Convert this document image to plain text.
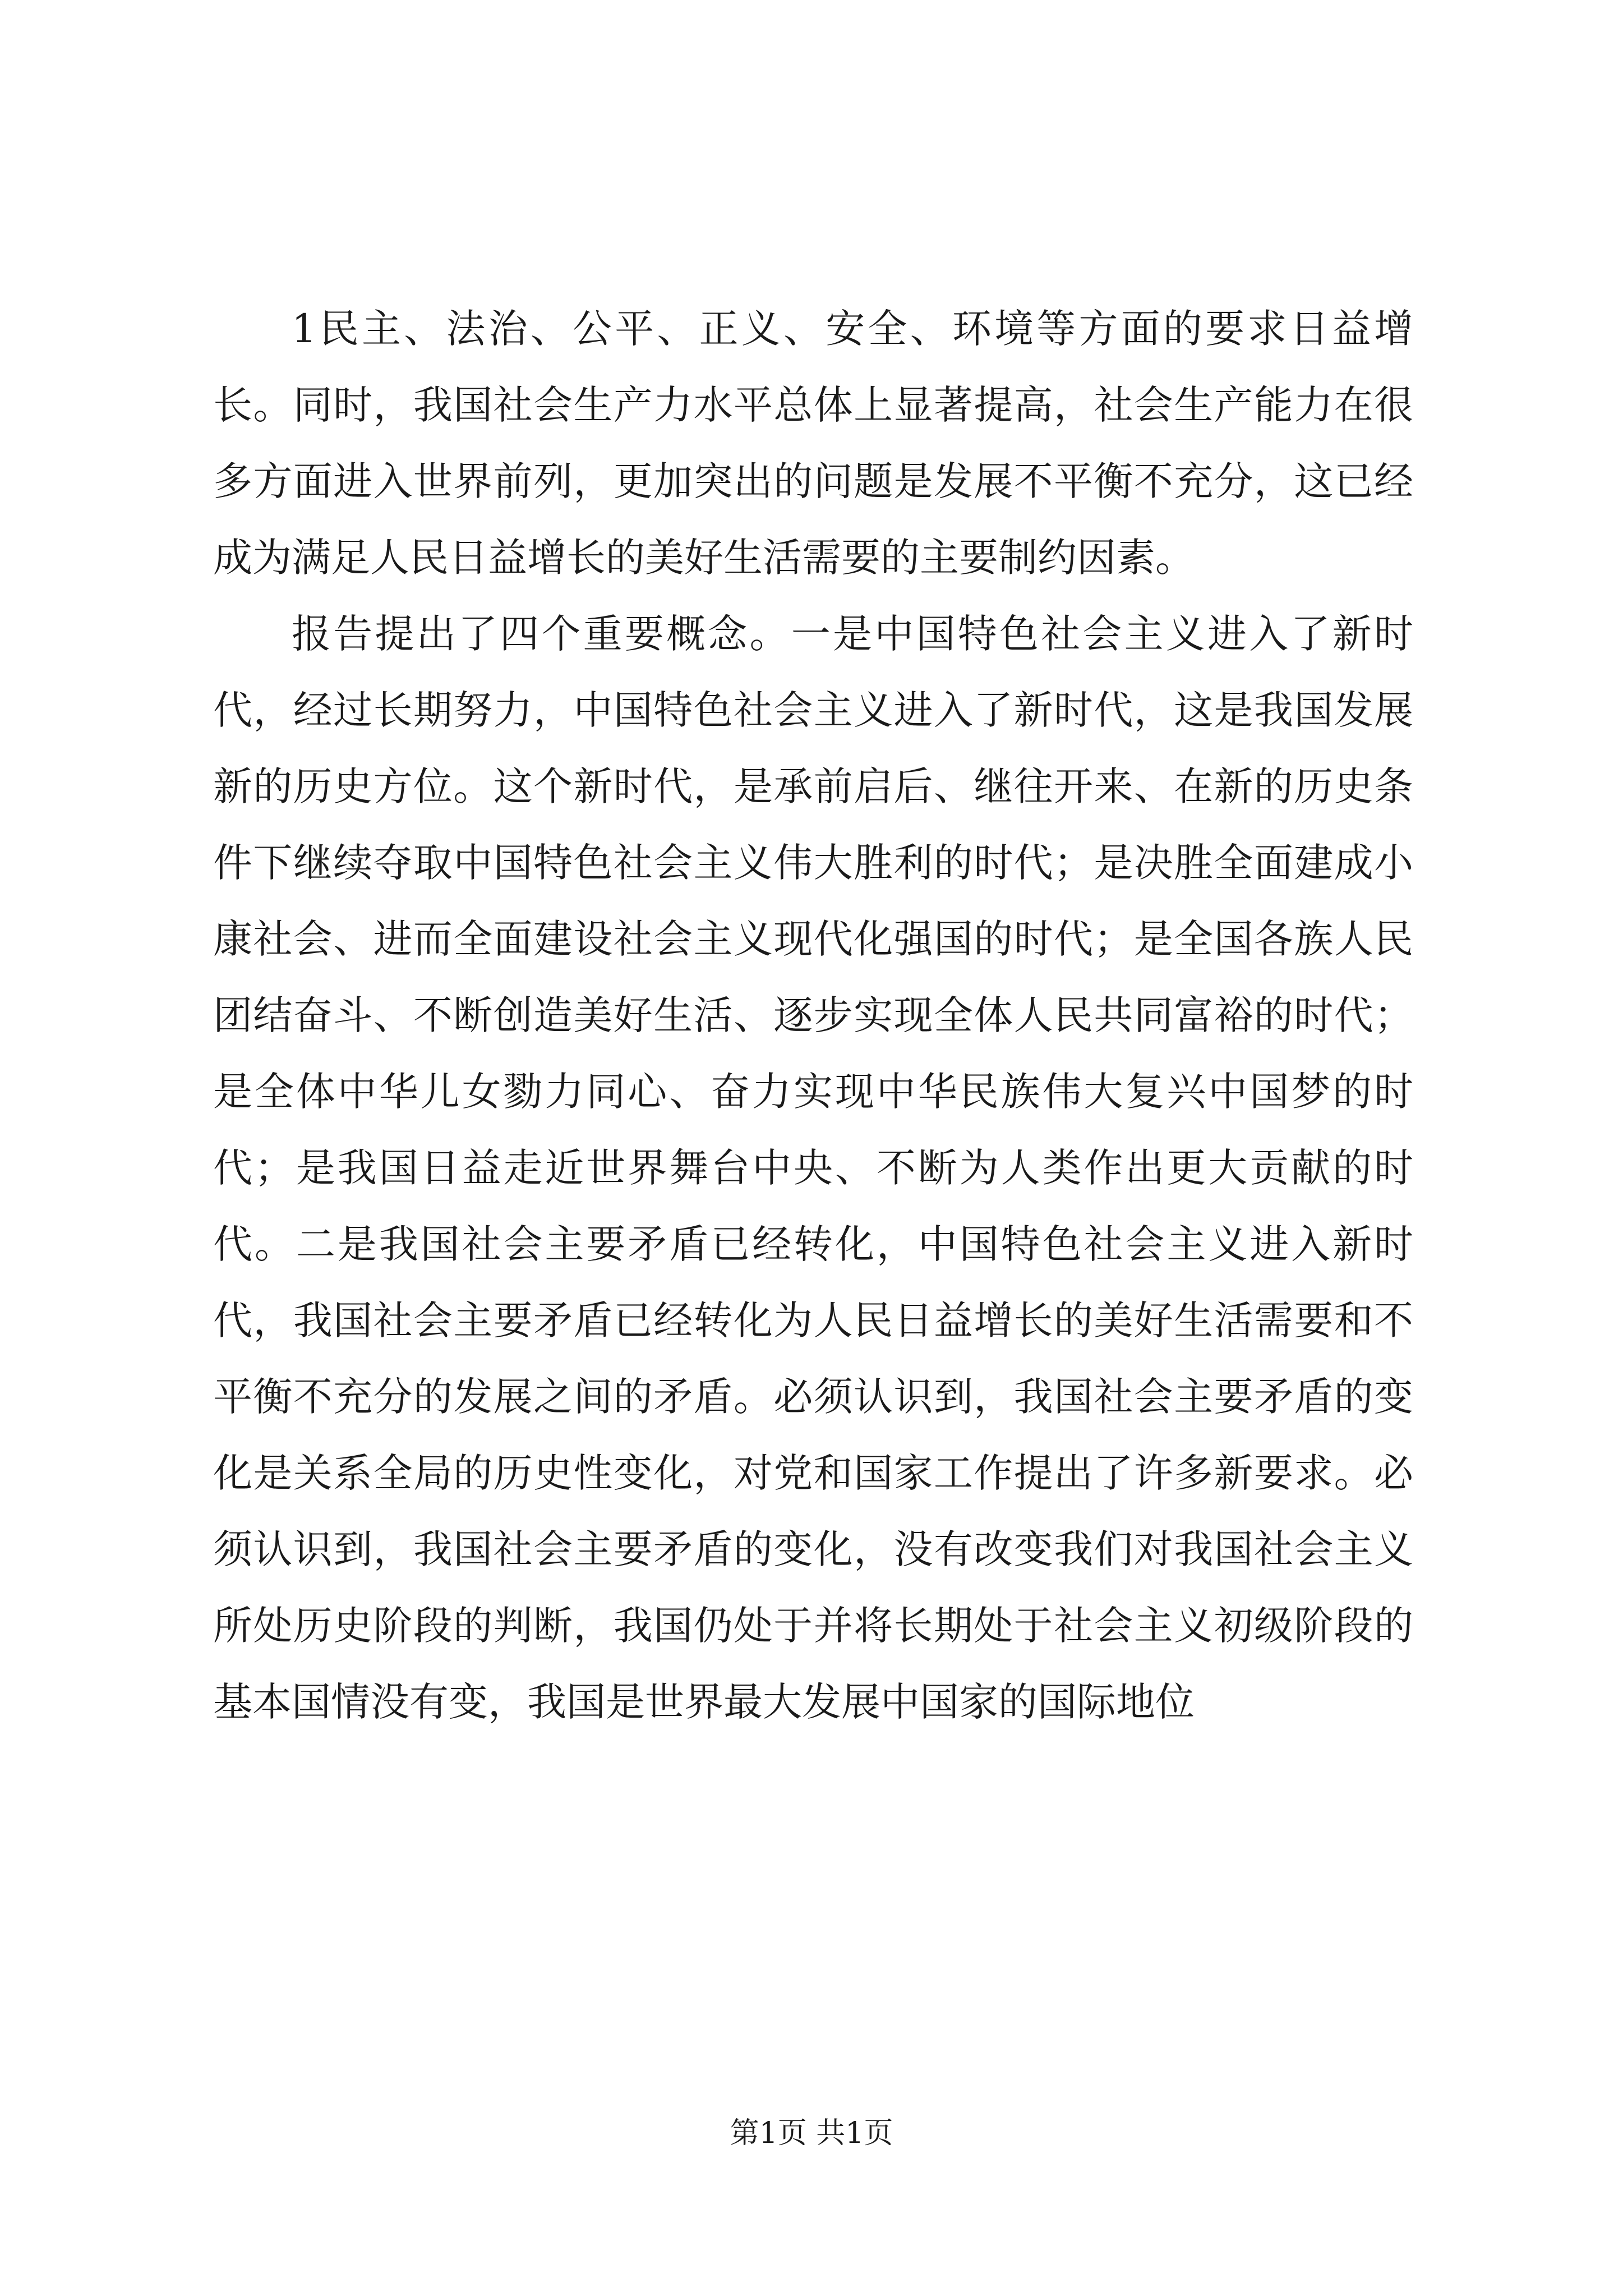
1民主、法治、公平、正义、安全、环境等方面的要求日益增长。同时，我国社会生产力水平总体上显著提高，社会生产能力在很多方面进入世界前列，更加突出的问题是发展不平衡不充分，这已经成为满足人民日益增长的美好生活需要的主要制约因素。

报告提出了四个重要概念。一是中国特色社会主义进入了新时代，经过长期努力，中国特色社会主义进入了新时代，这是我国发展新的历史方位。这个新时代，是承前启后、继往开来、在新的历史条件下继续夺取中国特色社会主义伟大胜利的时代；是决胜全面建成小康社会、进而全面建设社会主义现代化强国的时代；是全国各族人民团结奋斗、不断创造美好生活、逐步实现全体人民共同富裕的时代；是全体中华儿女勠力同心、奋力实现中华民族伟大复兴中国梦的时代；是我国日益走近世界舞台中央、不断为人类作出更大贡献的时代。二是我国社会主要矛盾已经转化，中国特色社会主义进入新时代，我国社会主要矛盾已经转化为人民日益增长的美好生活需要和不平衡不充分的发展之间的矛盾。必须认识到，我国社会主要矛盾的变化是关系全局的历史性变化，对党和国家工作提出了许多新要求。必须认识到，我国社会主要矛盾的变化，没有改变我们对我国社会主义所处历史阶段的判断，我国仍处于并将长期处于社会主义初级阶段的基本国情没有变，我国是世界最大发展中国家的国际地位

第1页 共1页
